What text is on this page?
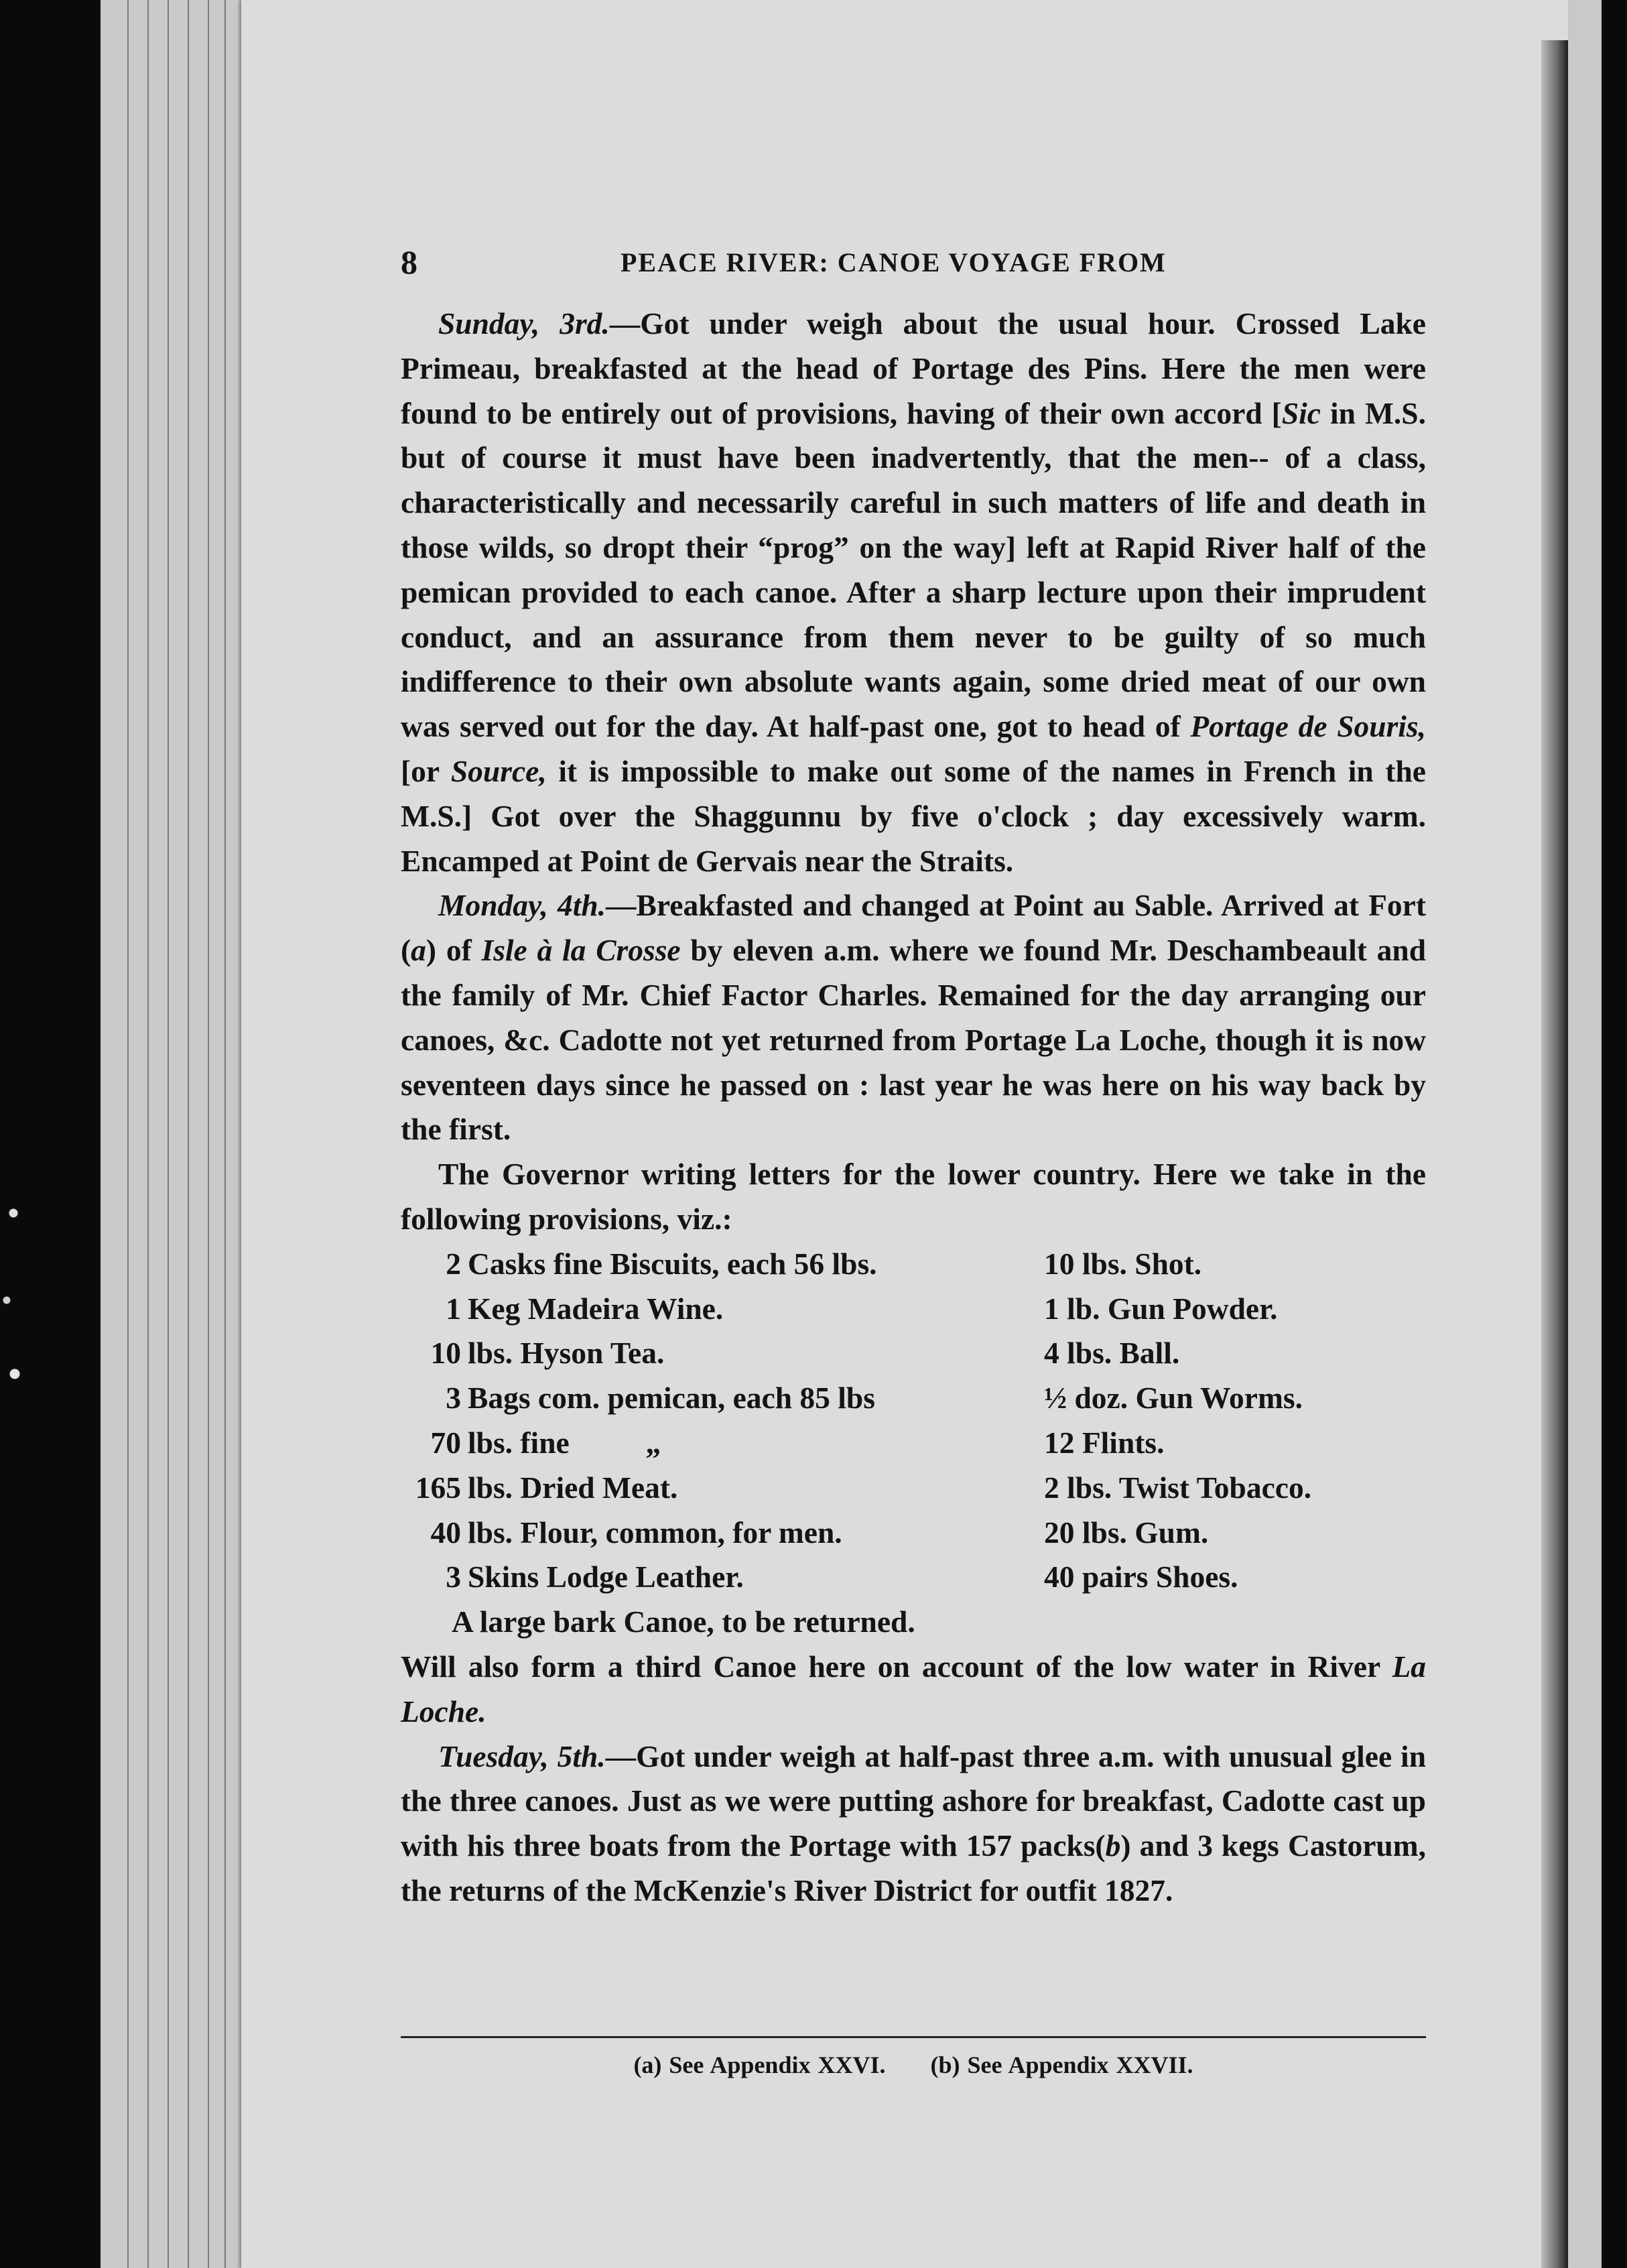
8	PEACE RIVER: CANOE VOYAGE FROM

Sunday, 3rd.—Got under weigh about the usual hour. Crossed Lake Primeau, breakfasted at the head of Portage des Pins. Here the men were found to be entirely out of provisions, having of their own accord [Sic in M.S. but of course it must have been inadvertently, that the men-- of a class, characteristically and necessarily careful in such matters of life and death in those wilds, so dropt their “prog” on the way] left at Rapid River half of the pemican provided to each canoe. After a sharp lecture upon their imprudent conduct, and an assurance from them never to be guilty of so much indifference to their own absolute wants again, some dried meat of our own was served out for the day. At half-past one, got to head of Portage de Souris, [or Source, it is impossible to make out some of the names in French in the M.S.] Got over the Shaggunnu by five o'clock ; day excessively warm. Encamped at Point de Gervais near the Straits.

Monday, 4th.—Breakfasted and changed at Point au Sable. Arrived at Fort (a) of Isle à la Crosse by eleven a.m. where we found Mr. Deschambeault and the family of Mr. Chief Factor Charles. Remained for the day arranging our canoes, &c. Cadotte not yet returned from Portage La Loche, though it is now seventeen days since he passed on : last year he was here on his way back by the first.

The Governor writing letters for the lower country. Here we take in the following provisions, viz.:

2 Casks fine Biscuits, each 56 lbs.	10 lbs. Shot.
1 Keg Madeira Wine.	1 lb. Gun Powder.
10 lbs. Hyson Tea.	4 lbs. Ball.
3 Bags com. pemican, each 85 lbs	½ doz. Gun Worms.
70 lbs. fine          „	12 Flints.
165 lbs. Dried Meat.	2 lbs. Twist Tobacco.
40 lbs. Flour, common, for men.	20 lbs. Gum.
3 Skins Lodge Leather.	40 pairs Shoes.

A large bark Canoe, to be returned.

Will also form a third Canoe here on account of the low water in River La Loche.

Tuesday, 5th.—Got under weigh at half-past three a.m. with unusual glee in the three canoes. Just as we were putting ashore for breakfast, Cadotte cast up with his three boats from the Portage with 157 packs(b) and 3 kegs Castorum, the returns of the McKenzie's River District for outfit 1827.

(a) See Appendix XXVI. (b) See Appendix XXVII.
